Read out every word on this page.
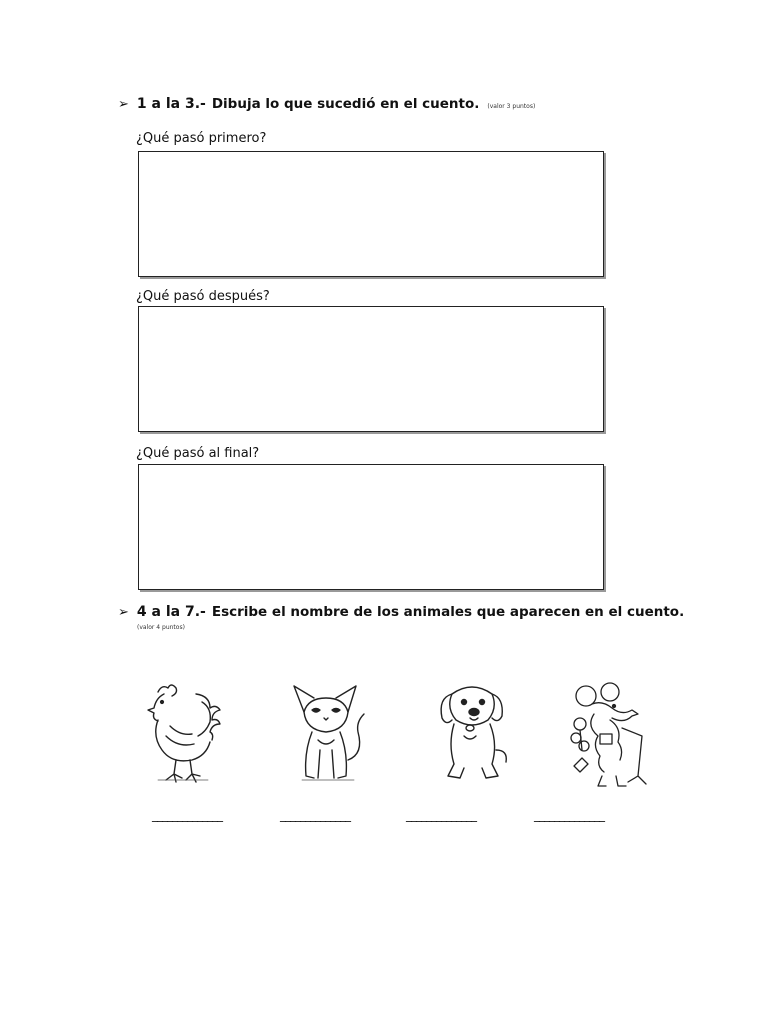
➢ 1 a la 3.- Dibuja lo que sucedió en el cuento. (valor 3 puntos)
¿Qué pasó primero?
¿Qué pasó después?
¿Qué pasó al final?
➢ 4 a la 7.- Escribe el nombre de los animales que aparecen en el cuento.
(valor 4 puntos)
______________	______________	______________	______________
